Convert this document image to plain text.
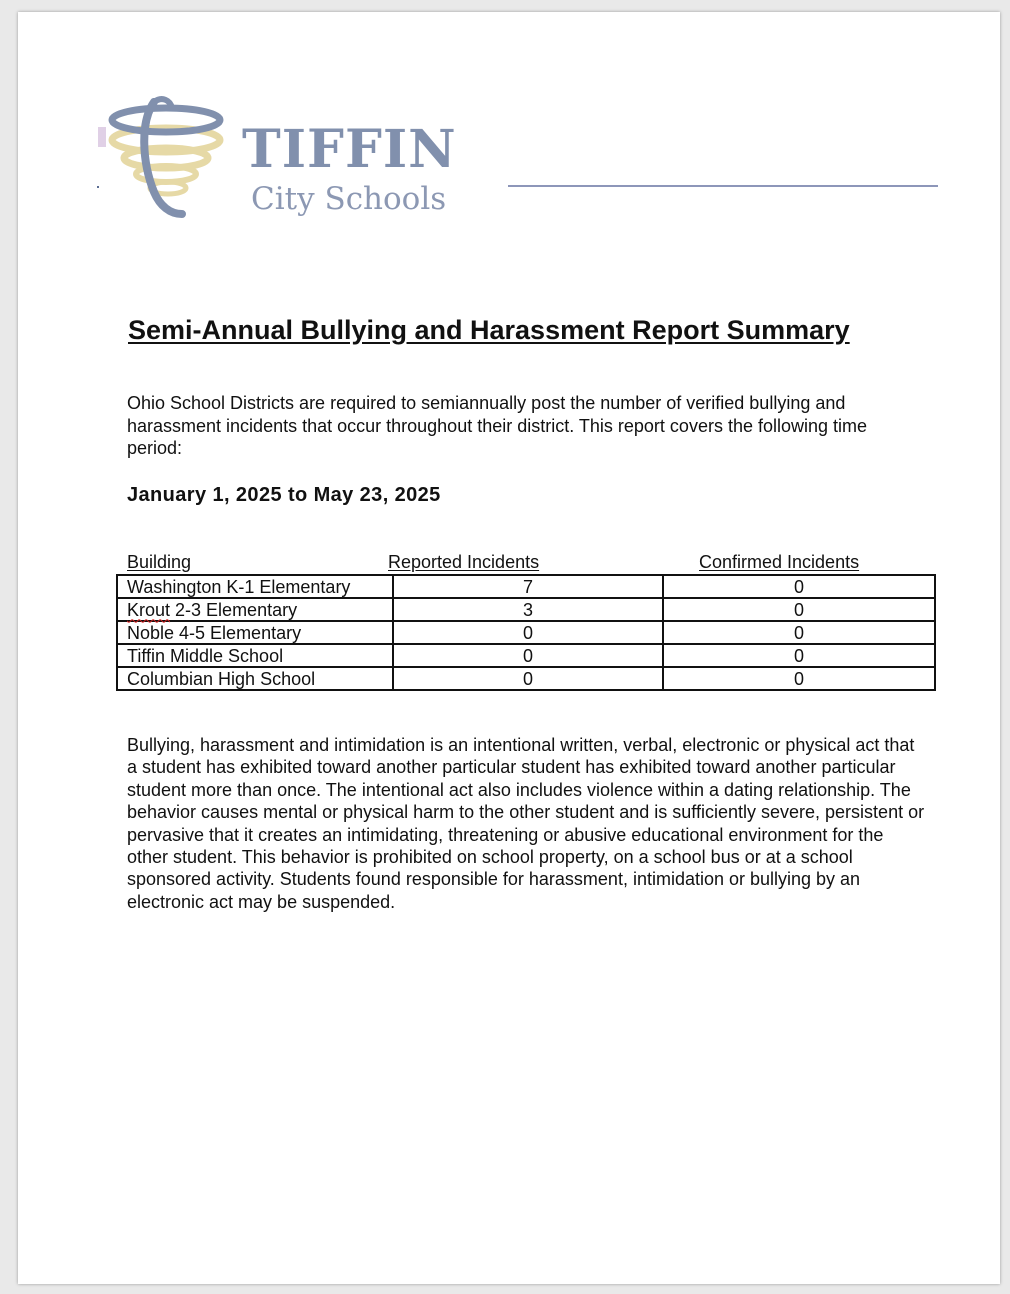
TIFFIN
City Schools
Semi-Annual Bullying and Harassment Report Summary
Ohio School Districts are required to semiannually post the number of verified bullying and harassment incidents that occur throughout their district. This report covers the following time period:
January 1, 2025 to May 23, 2025
Building	Reported Incidents	Confirmed Incidents
Washington K-1 Elementary	7	0
Krout 2-3 Elementary	3	0
Noble 4-5 Elementary	0	0
Tiffin Middle School	0	0
Columbian High School	0	0
Bullying, harassment and intimidation is an intentional written, verbal, electronic or physical act that a student has exhibited toward another particular student has exhibited toward another particular student more than once. The intentional act also includes violence within a dating relationship. The behavior causes mental or physical harm to the other student and is sufficiently severe, persistent or pervasive that it creates an intimidating, threatening or abusive educational environment for the other student. This behavior is prohibited on school property, on a school bus or at a school sponsored activity. Students found responsible for harassment, intimidation or bullying by an electronic act may be suspended.
